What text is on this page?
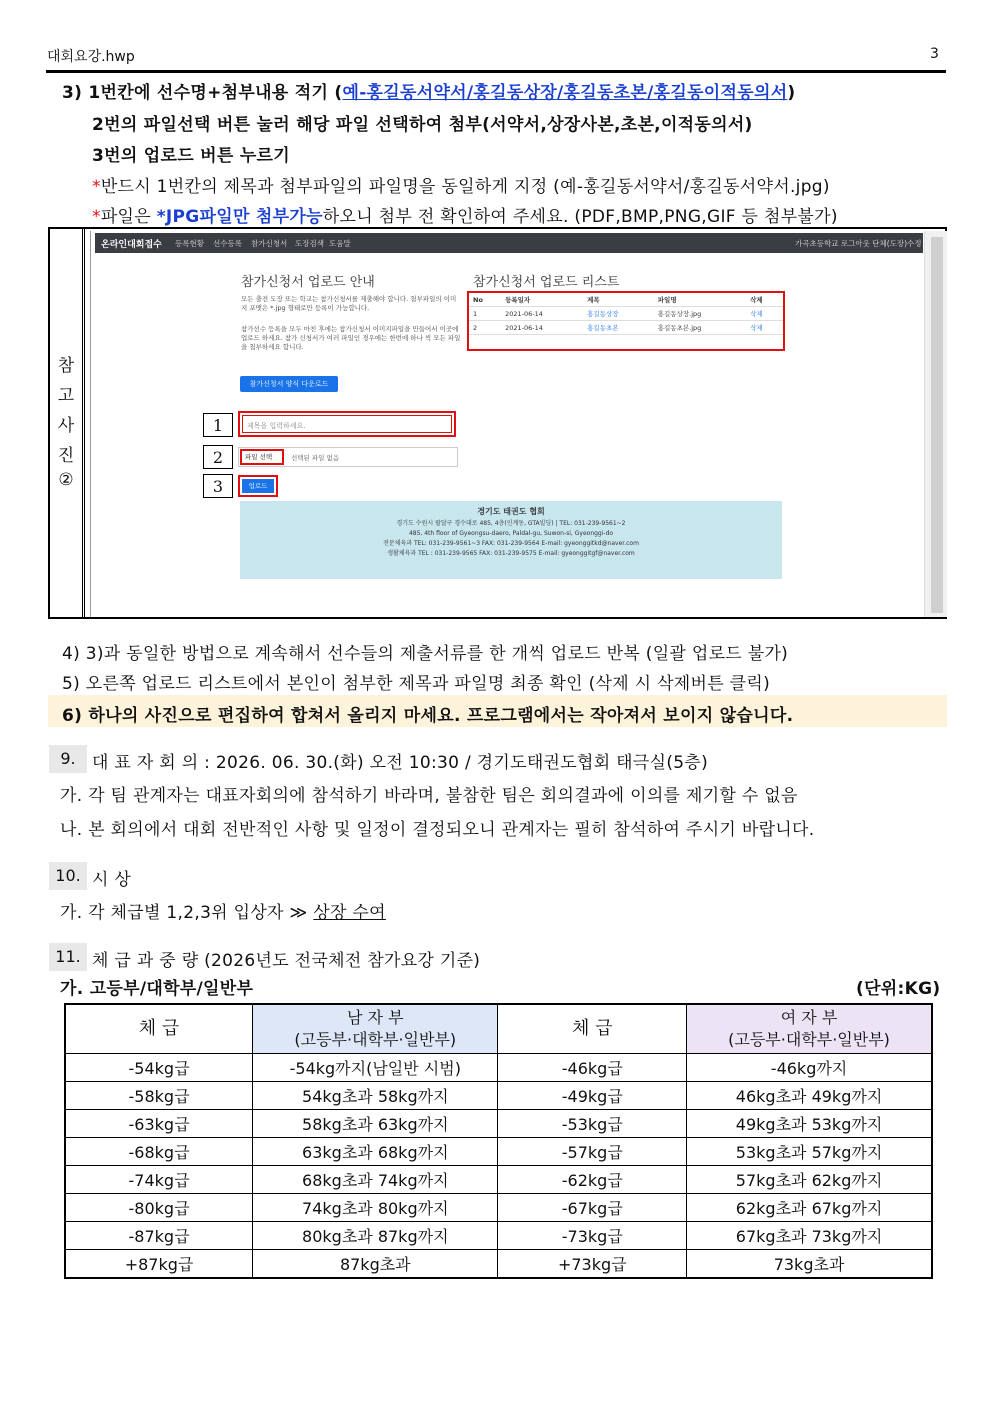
대회요강.hwp	3
3) 1번칸에 선수명+첨부내용 적기 (예-홍길동서약서/홍길동상장/홍길동초본/홍길동이적동의서)
2번의 파일선택 버튼 눌러 해당 파일 선택하여 첨부(서약서,상장사본,초본,이적동의서)
3번의 업로드 버튼 누르기
*반드시 1번칸의 제목과 첨부파일의 파일명을 동일하게 지정 (예-홍길동서약서/홍길동서약서.jpg)
*파일은 *JPG파일만 첨부가능하오니 첨부 전 확인하여 주세요. (PDF,BMP,PNG,GIF 등 첨부불가)
참
고
사
진
②
온라인대회접수 등록현황 선수등록 참가신청서 도장검색 도움말	가곡초등학교 로그아웃 단체(도장)수정
참가신청서 업로드 안내
모든 출전 도장 또는 학교는 참가신청서를 제출해야 합니다. 첨부파일의 이미지 포맷은 *.jpg 형태로만 등록이 가능합니다.
참가선수 등록을 모두 마친 후에는 참가신청서 이미지파일을 만들어서 이곳에 업로드 하세요. 참가 신청서가 여러 파일인 경우에는 한번에 하나 씩 모든 파일을 첨부하세요 합니다.
참가신청서 양식 다운로드
참가신청서 업로드 리스트
No	등록일자	제목	파일명	삭제
1	2021-06-14	홍길동상장	홍길동상장.jpg	삭제
2	2021-06-14	홍길동초본	홍길동초본.jpg	삭제
1
2
3
제목을 입력하세요.
파일 선택	선택된 파일 없음
업로드
경기도 태권도 협회
경기도 수원시 팔달구 경수대로 485, 4층(인계동, GTA빌딩) | TEL: 031-239-9561~2
485, 4th floor of Gyeongsu-daero, Paldal-gu, Suwon-si, Gyeonggi-do
전문체육과 TEL: 031-239-9561~3 FAX: 031-239-9564 E-mail: gyeonggitkd@naver.com
생활체육과 TEL : 031-239-9565 FAX: 031-239-9575 E-mail: gyeonggitgf@naver.com
4) 3)과 동일한 방법으로 계속해서 선수들의 제출서류를 한 개씩 업로드 반복 (일괄 업로드 불가)
5) 오른쪽 업로드 리스트에서 본인이 첨부한 제목과 파일명 최종 확인 (삭제 시 삭제버튼 클릭)
6) 하나의 사진으로 편집하여 합쳐서 올리지 마세요. 프로그램에서는 작아져서 보이지 않습니다.
9. 대 표 자 회 의 : 2026. 06. 30.(화) 오전 10:30 / 경기도태권도협회 태극실(5층)
가. 각 팀 관계자는 대표자회의에 참석하기 바라며, 불참한 팀은 회의결과에 이의를 제기할 수 없음
나. 본 회의에서 대회 전반적인 사항 및 일정이 결정되오니 관계자는 필히 참석하여 주시기 바랍니다.
10. 시 상
가. 각 체급별 1,2,3위 입상자 ≫ 상장 수여
11. 체 급 과 중 량 (2026년도 전국체전 참가요강 기준)
가. 고등부/대학부/일반부	(단위:KG)
체 급	남 자 부
(고등부·대학부·일반부)	체 급	여 자 부
(고등부·대학부·일반부)
-54kg급	-54kg까지(남일반 시범)	-46kg급	-46kg까지
-58kg급	54kg초과 58kg까지	-49kg급	46kg초과 49kg까지
-63kg급	58kg초과 63kg까지	-53kg급	49kg초과 53kg까지
-68kg급	63kg초과 68kg까지	-57kg급	53kg초과 57kg까지
-74kg급	68kg초과 74kg까지	-62kg급	57kg초과 62kg까지
-80kg급	74kg초과 80kg까지	-67kg급	62kg초과 67kg까지
-87kg급	80kg초과 87kg까지	-73kg급	67kg초과 73kg까지
+87kg급	87kg초과	+73kg급	73kg초과
